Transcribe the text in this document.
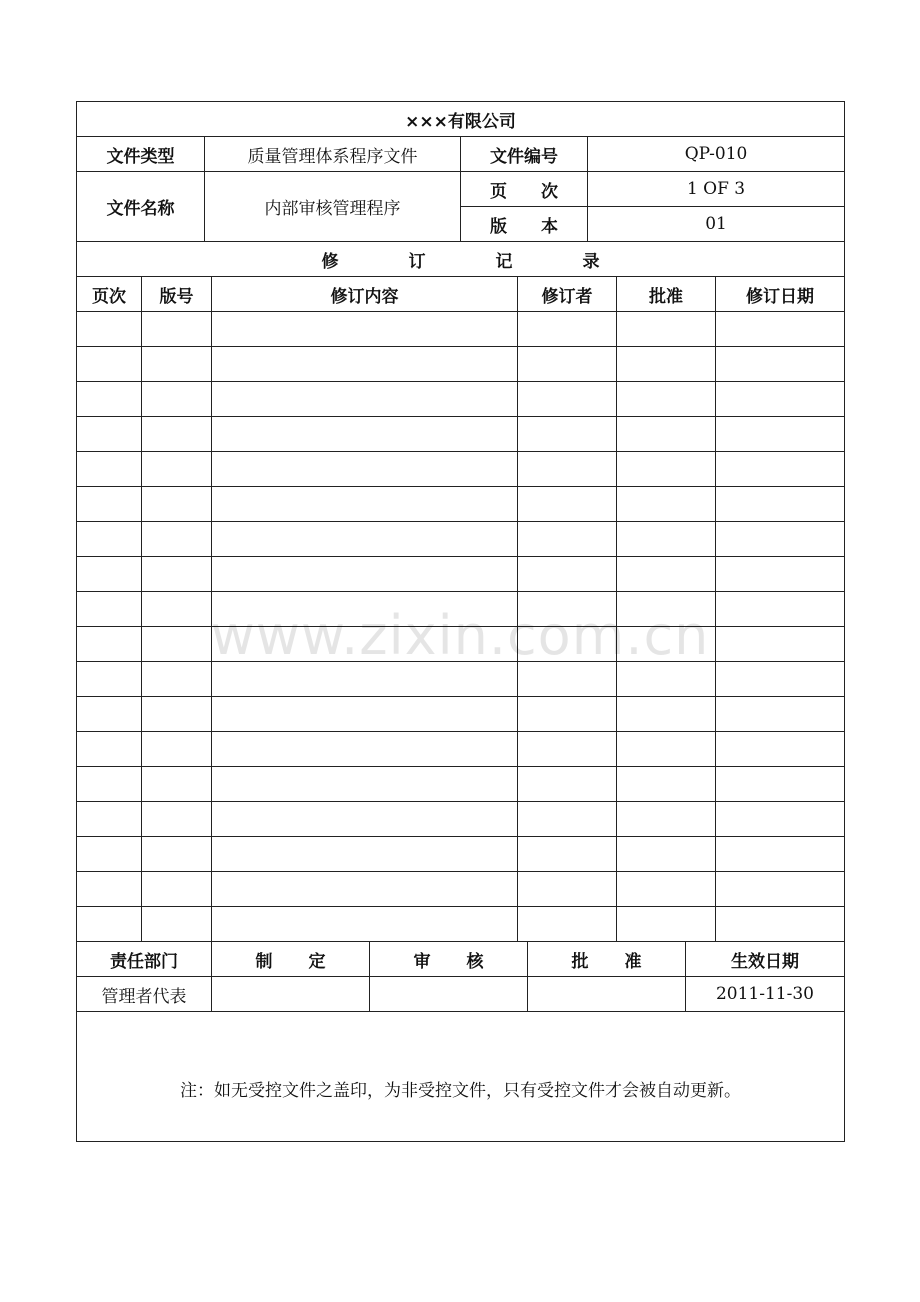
×××有限公司			
文件类型	质量管理体系程序文件	文件编号	QP-010
文件名称	内部审核管理程序	页 次	1 OF 3
		版 本	01
修 订 记 录					
页次	版号	修订内容	修订者	批准	修订日期

责任部门	制 定	审 核	批 准	生效日期
管理者代表				2011-11-30
注：如无受控文件之盖印，为非受控文件，只有受控文件才会被自动更新。				
www.zixin.com.cn
